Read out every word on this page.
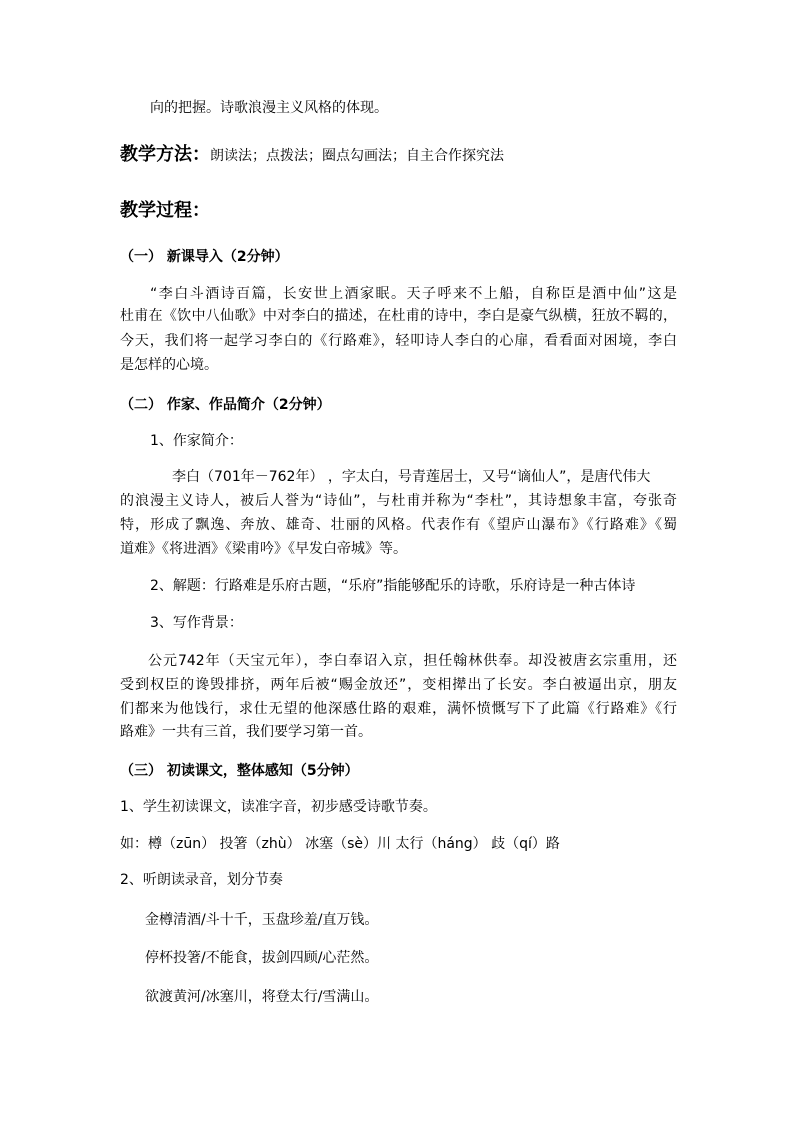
向的把握。诗歌浪漫主义风格的体现。
教学方法：朗读法；点拨法；圈点勾画法；自主合作探究法
教学过程：
（一） 新课导入（2分钟）
“李白斗酒诗百篇，长安世上酒家眠。天子呼来不上船，自称臣是酒中仙”这是
杜甫在《饮中八仙歌》中对李白的描述，在杜甫的诗中，李白是豪气纵横，狂放不羁的，
今天，我们将一起学习李白的《行路难》，轻叩诗人李白的心扉，看看面对困境，李白
是怎样的心境。
（二） 作家、作品简介（2分钟）
1、作家简介：
李白（701年－762年） ，字太白，号青莲居士，又号“谪仙人”，是唐代伟大
的浪漫主义诗人，被后人誉为“诗仙”，与杜甫并称为“李杜”，其诗想象丰富，夸张奇
特，形成了飘逸、奔放、雄奇、壮丽的风格。代表作有《望庐山瀑布》《行路难》《蜀
道难》《将进酒》《梁甫吟》《早发白帝城》等。
2、解题：行路难是乐府古题，“乐府”指能够配乐的诗歌，乐府诗是一种古体诗
3、写作背景：
公元742年（天宝元年），李白奉诏入京，担任翰林供奉。却没被唐玄宗重用，还
受到权臣的谗毁排挤，两年后被“赐金放还”，变相撵出了长安。李白被逼出京，朋友
们都来为他饯行，求仕无望的他深感仕路的艰难，满怀愤慨写下了此篇《行路难》《行
路难》一共有三首，我们要学习第一首。
（三） 初读课文，整体感知（5分钟）
1、学生初读课文，读准字音，初步感受诗歌节奏。
如：樽（zūn） 投箸（zhù） 冰塞（sè）川 太行（háng） 歧（qí）路
2、听朗读录音，划分节奏
金樽清酒/斗十千，玉盘珍羞/直万钱。
停杯投箸/不能食，拔剑四顾/心茫然。
欲渡黄河/冰塞川，将登太行/雪满山。
